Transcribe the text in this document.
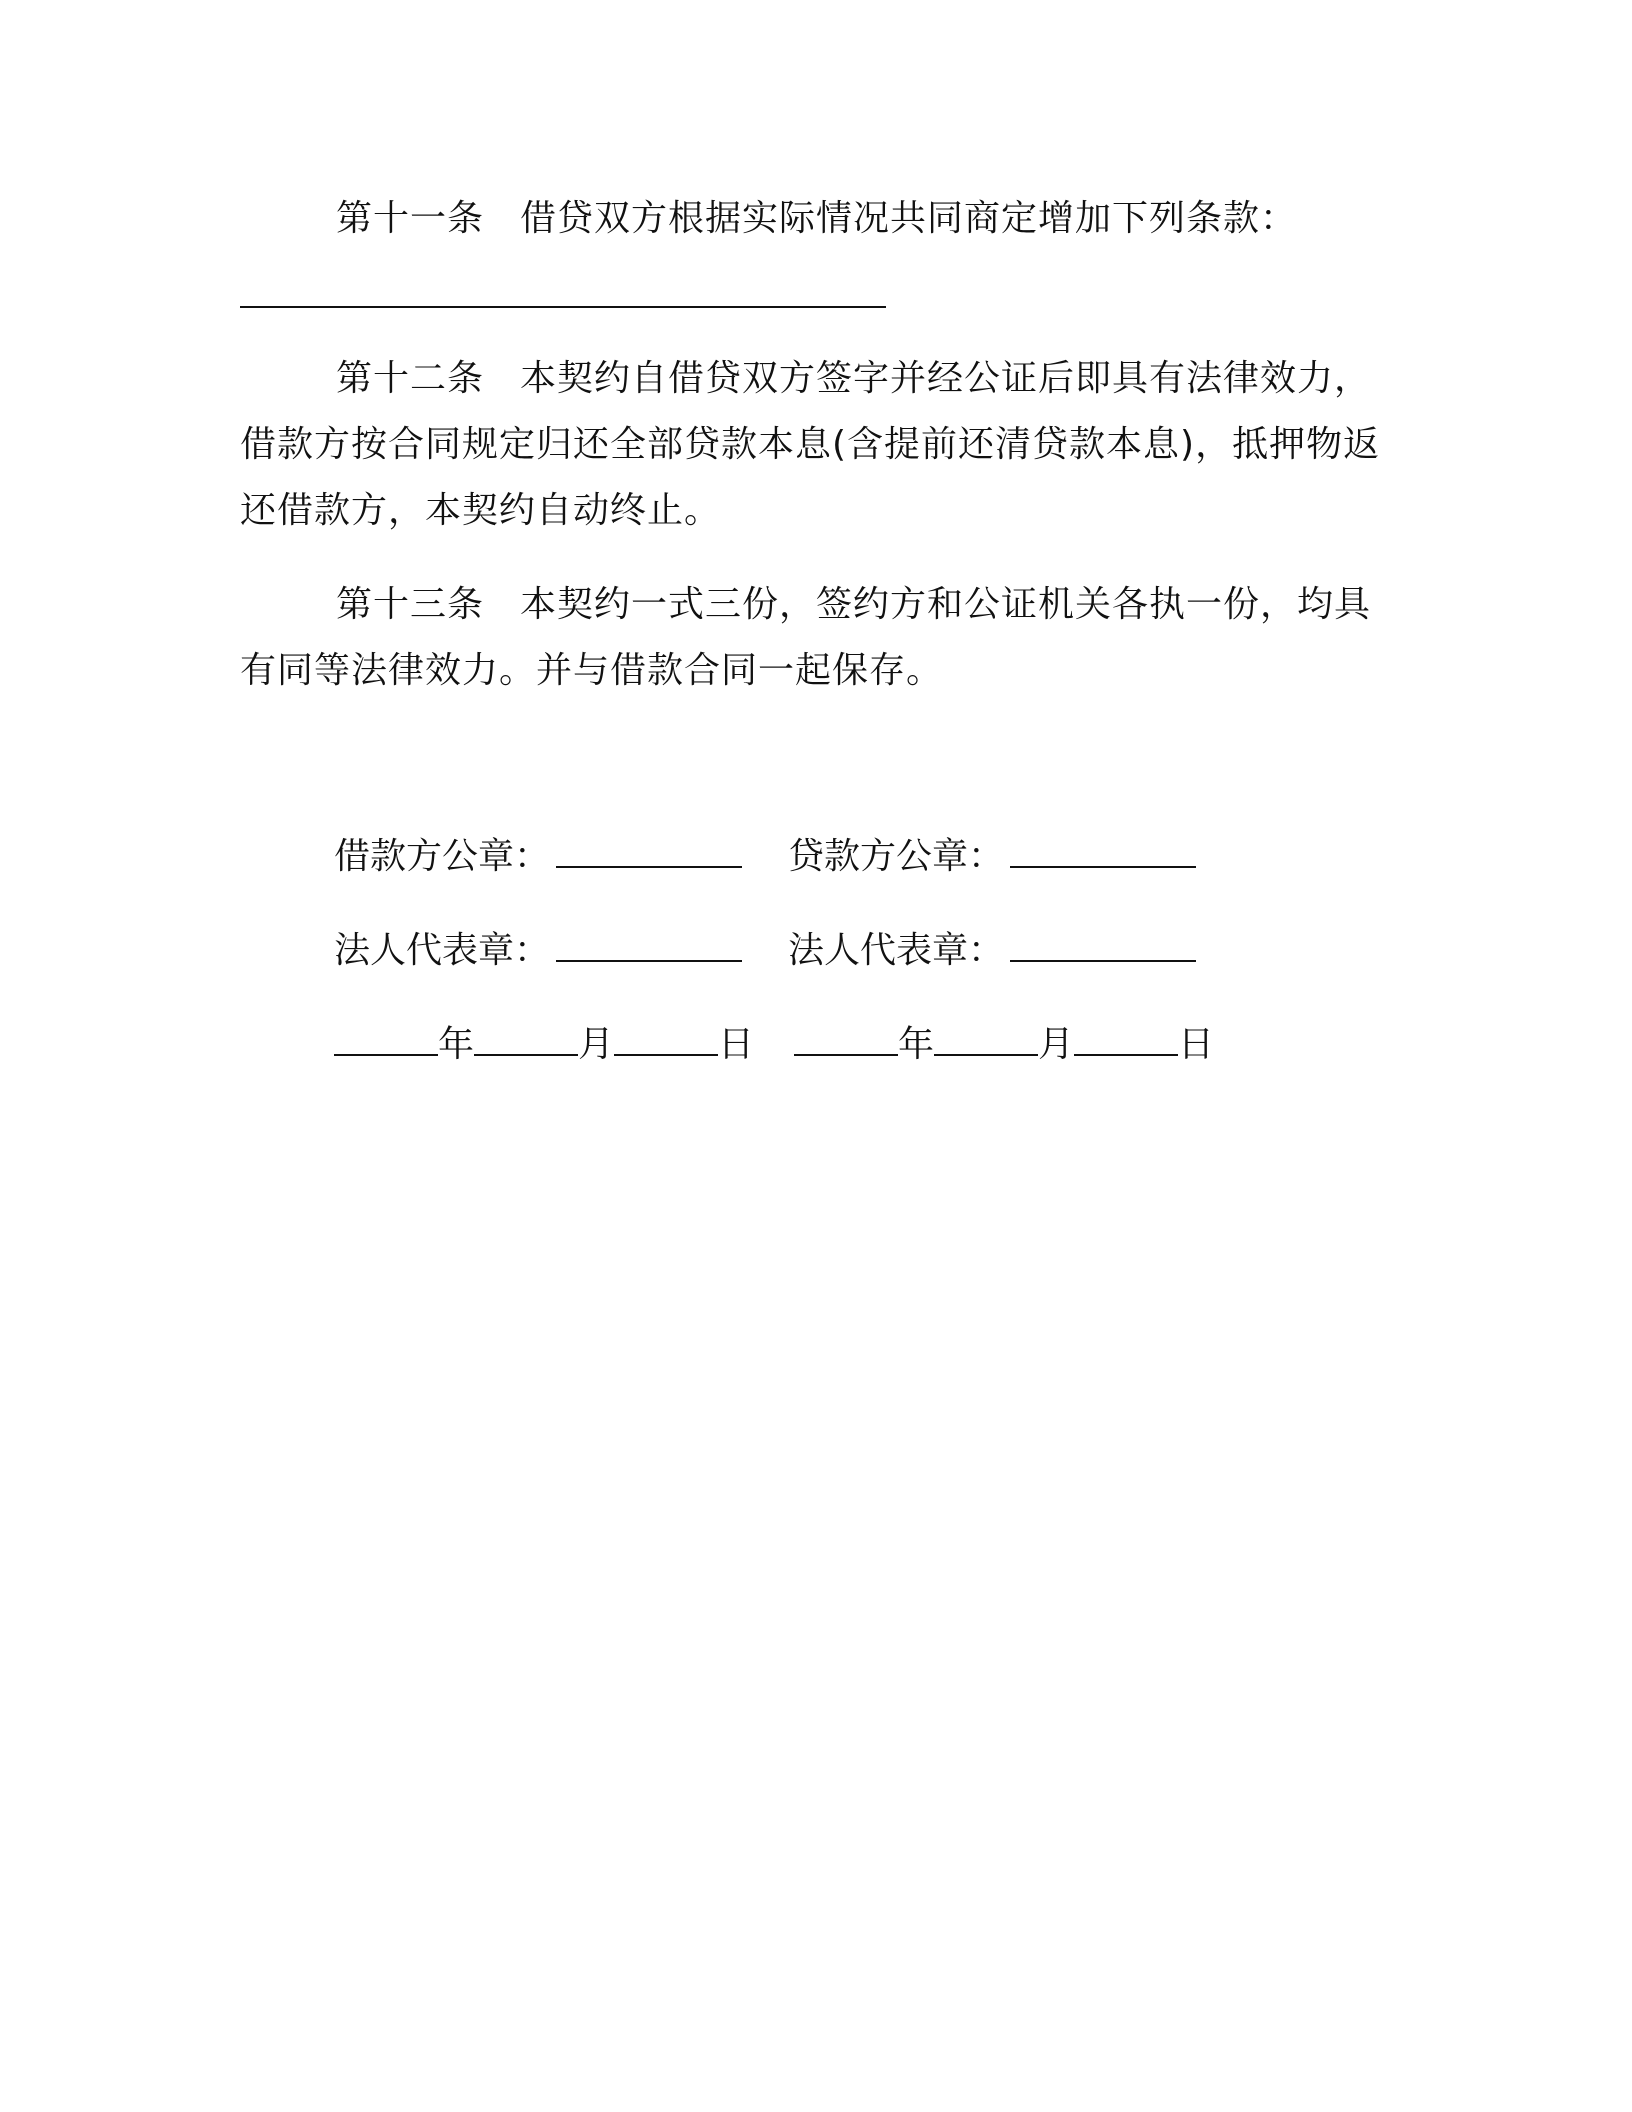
第十一条 借贷双方根据实际情况共同商定增加下列条款：

第十二条 本契约自借贷双方签字并经公证后即具有法律效力，借款方按合同规定归还全部贷款本息(含提前还清贷款本息)，抵押物返还借款方，本契约自动终止。

第十三条 本契约一式三份，签约方和公证机关各执一份，均具有同等法律效力。并与借款合同一起保存。

借款方公章：	贷款方公章：
法人代表章：	法人代表章：
年	月	日	年	月	日
